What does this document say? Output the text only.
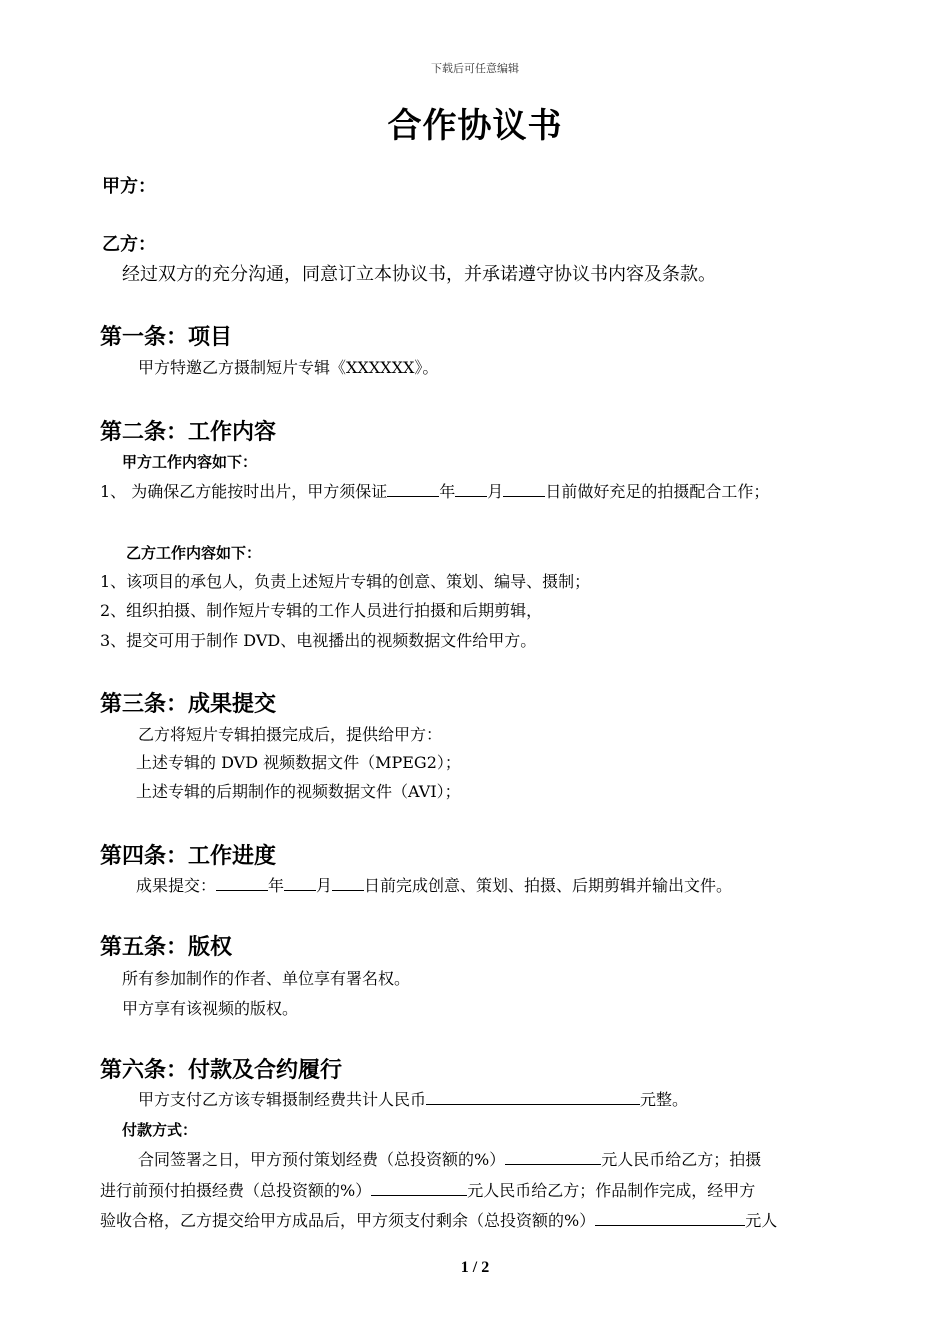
下载后可任意编辑
合作协议书
甲方：
乙方：
经过双方的充分沟通，同意订立本协议书，并承诺遵守协议书内容及条款。
第一条：项目
甲方特邀乙方摄制短片专辑《XXXXXX》。
第二条：工作内容
甲方工作内容如下：
1、 为确保乙方能按时出片，甲方须保证	年 月	日前做好充足的拍摄配合工作；
乙方工作内容如下：
1、该项目的承包人，负责上述短片专辑的创意、策划、编导、摄制；
2、组织拍摄、制作短片专辑的工作人员进行拍摄和后期剪辑，
3、提交可用于制作 DVD、电视播出的视频数据文件给甲方。
第三条：成果提交
乙方将短片专辑拍摄完成后，提供给甲方：
上述专辑的 DVD 视频数据文件（MPEG2）；
上述专辑的后期制作的视频数据文件（AVI）；
第四条：工作进度
成果提交：	年 月 日前完成创意、策划、拍摄、后期剪辑并输出文件。
第五条：版权
所有参加制作的作者、单位享有署名权。
甲方享有该视频的版权。
第六条：付款及合约履行
甲方支付乙方该专辑摄制经费共计人民币	元整。
付款方式：
合同签署之日，甲方预付策划经费（总投资额的%）	元人民币给乙方；拍摄
进行前预付拍摄经费（总投资额的%）	元人民币给乙方；作品制作完成，经甲方
验收合格，乙方提交给甲方成品后，甲方须支付剩余（总投资额的%）	元人
1 / 2
